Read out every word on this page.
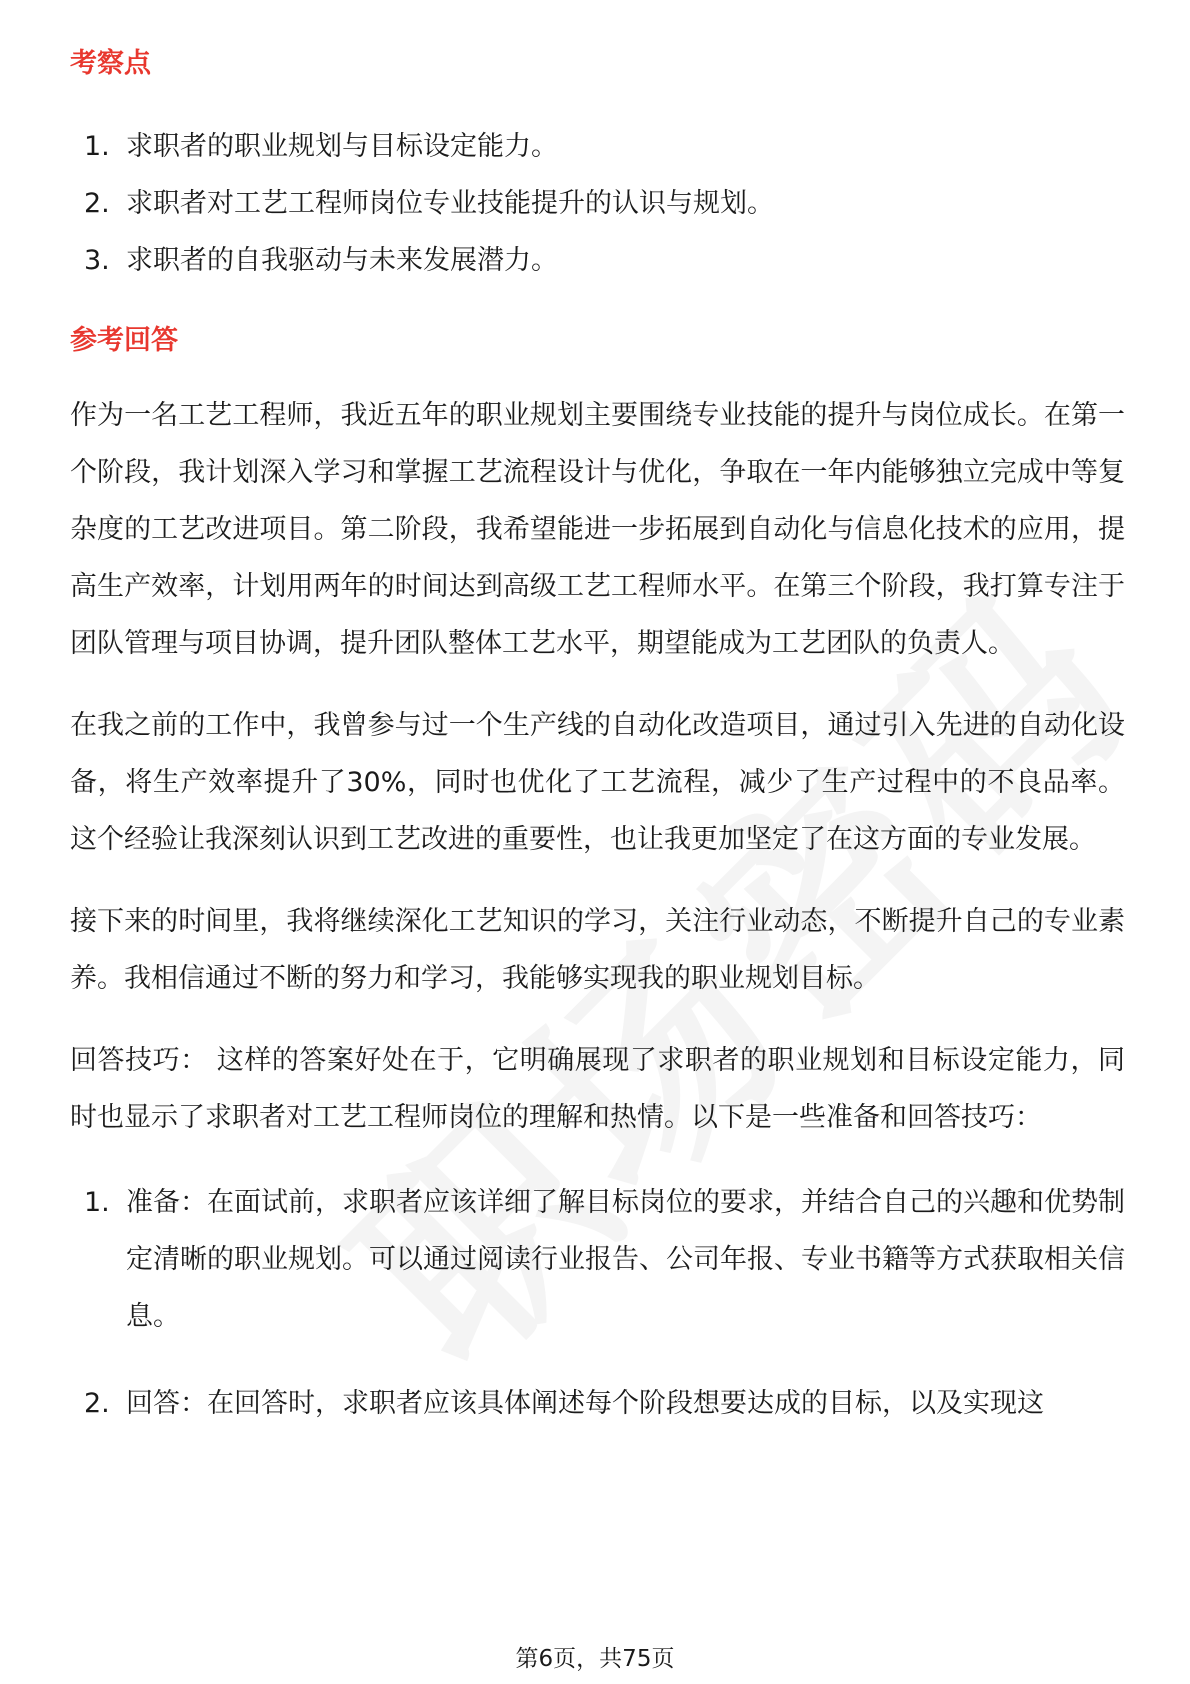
考察点
1. 求职者的职业规划与目标设定能力。
2. 求职者对工艺工程师岗位专业技能提升的认识与规划。
3. 求职者的自我驱动与未来发展潜力。
参考回答

作为一名工艺工程师，我近五年的职业规划主要围绕专业技能的提升与岗位成长。在第一个阶段，我计划深入学习和掌握工艺流程设计与优化，争取在一年内能够独立完成中等复杂度的工艺改进项目。第二阶段，我希望能进一步拓展到自动化与信息化技术的应用，提高生产效率，计划用两年的时间达到高级工艺工程师水平。在第三个阶段，我打算专注于团队管理与项目协调，提升团队整体工艺水平，期望能成为工艺团队的负责人。

在我之前的工作中，我曾参与过一个生产线的自动化改造项目，通过引入先进的自动化设备，将生产效率提升了30%，同时也优化了工艺流程，减少了生产过程中的不良品率。这个经验让我深刻认识到工艺改进的重要性，也让我更加坚定了在这方面的专业发展。

接下来的时间里，我将继续深化工艺知识的学习，关注行业动态，不断提升自己的专业素养。我相信通过不断的努力和学习，我能够实现我的职业规划目标。

回答技巧： 这样的答案好处在于，它明确展现了求职者的职业规划和目标设定能力，同时也显示了求职者对工艺工程师岗位的理解和热情。以下是一些准备和回答技巧：

1. 准备：在面试前，求职者应该详细了解目标岗位的要求，并结合自己的兴趣和优势制定清晰的职业规划。可以通过阅读行业报告、公司年报、专业书籍等方式获取相关信息。
2. 回答：在回答时，求职者应该具体阐述每个阶段想要达成的目标，以及实现这
第6页，共75页
